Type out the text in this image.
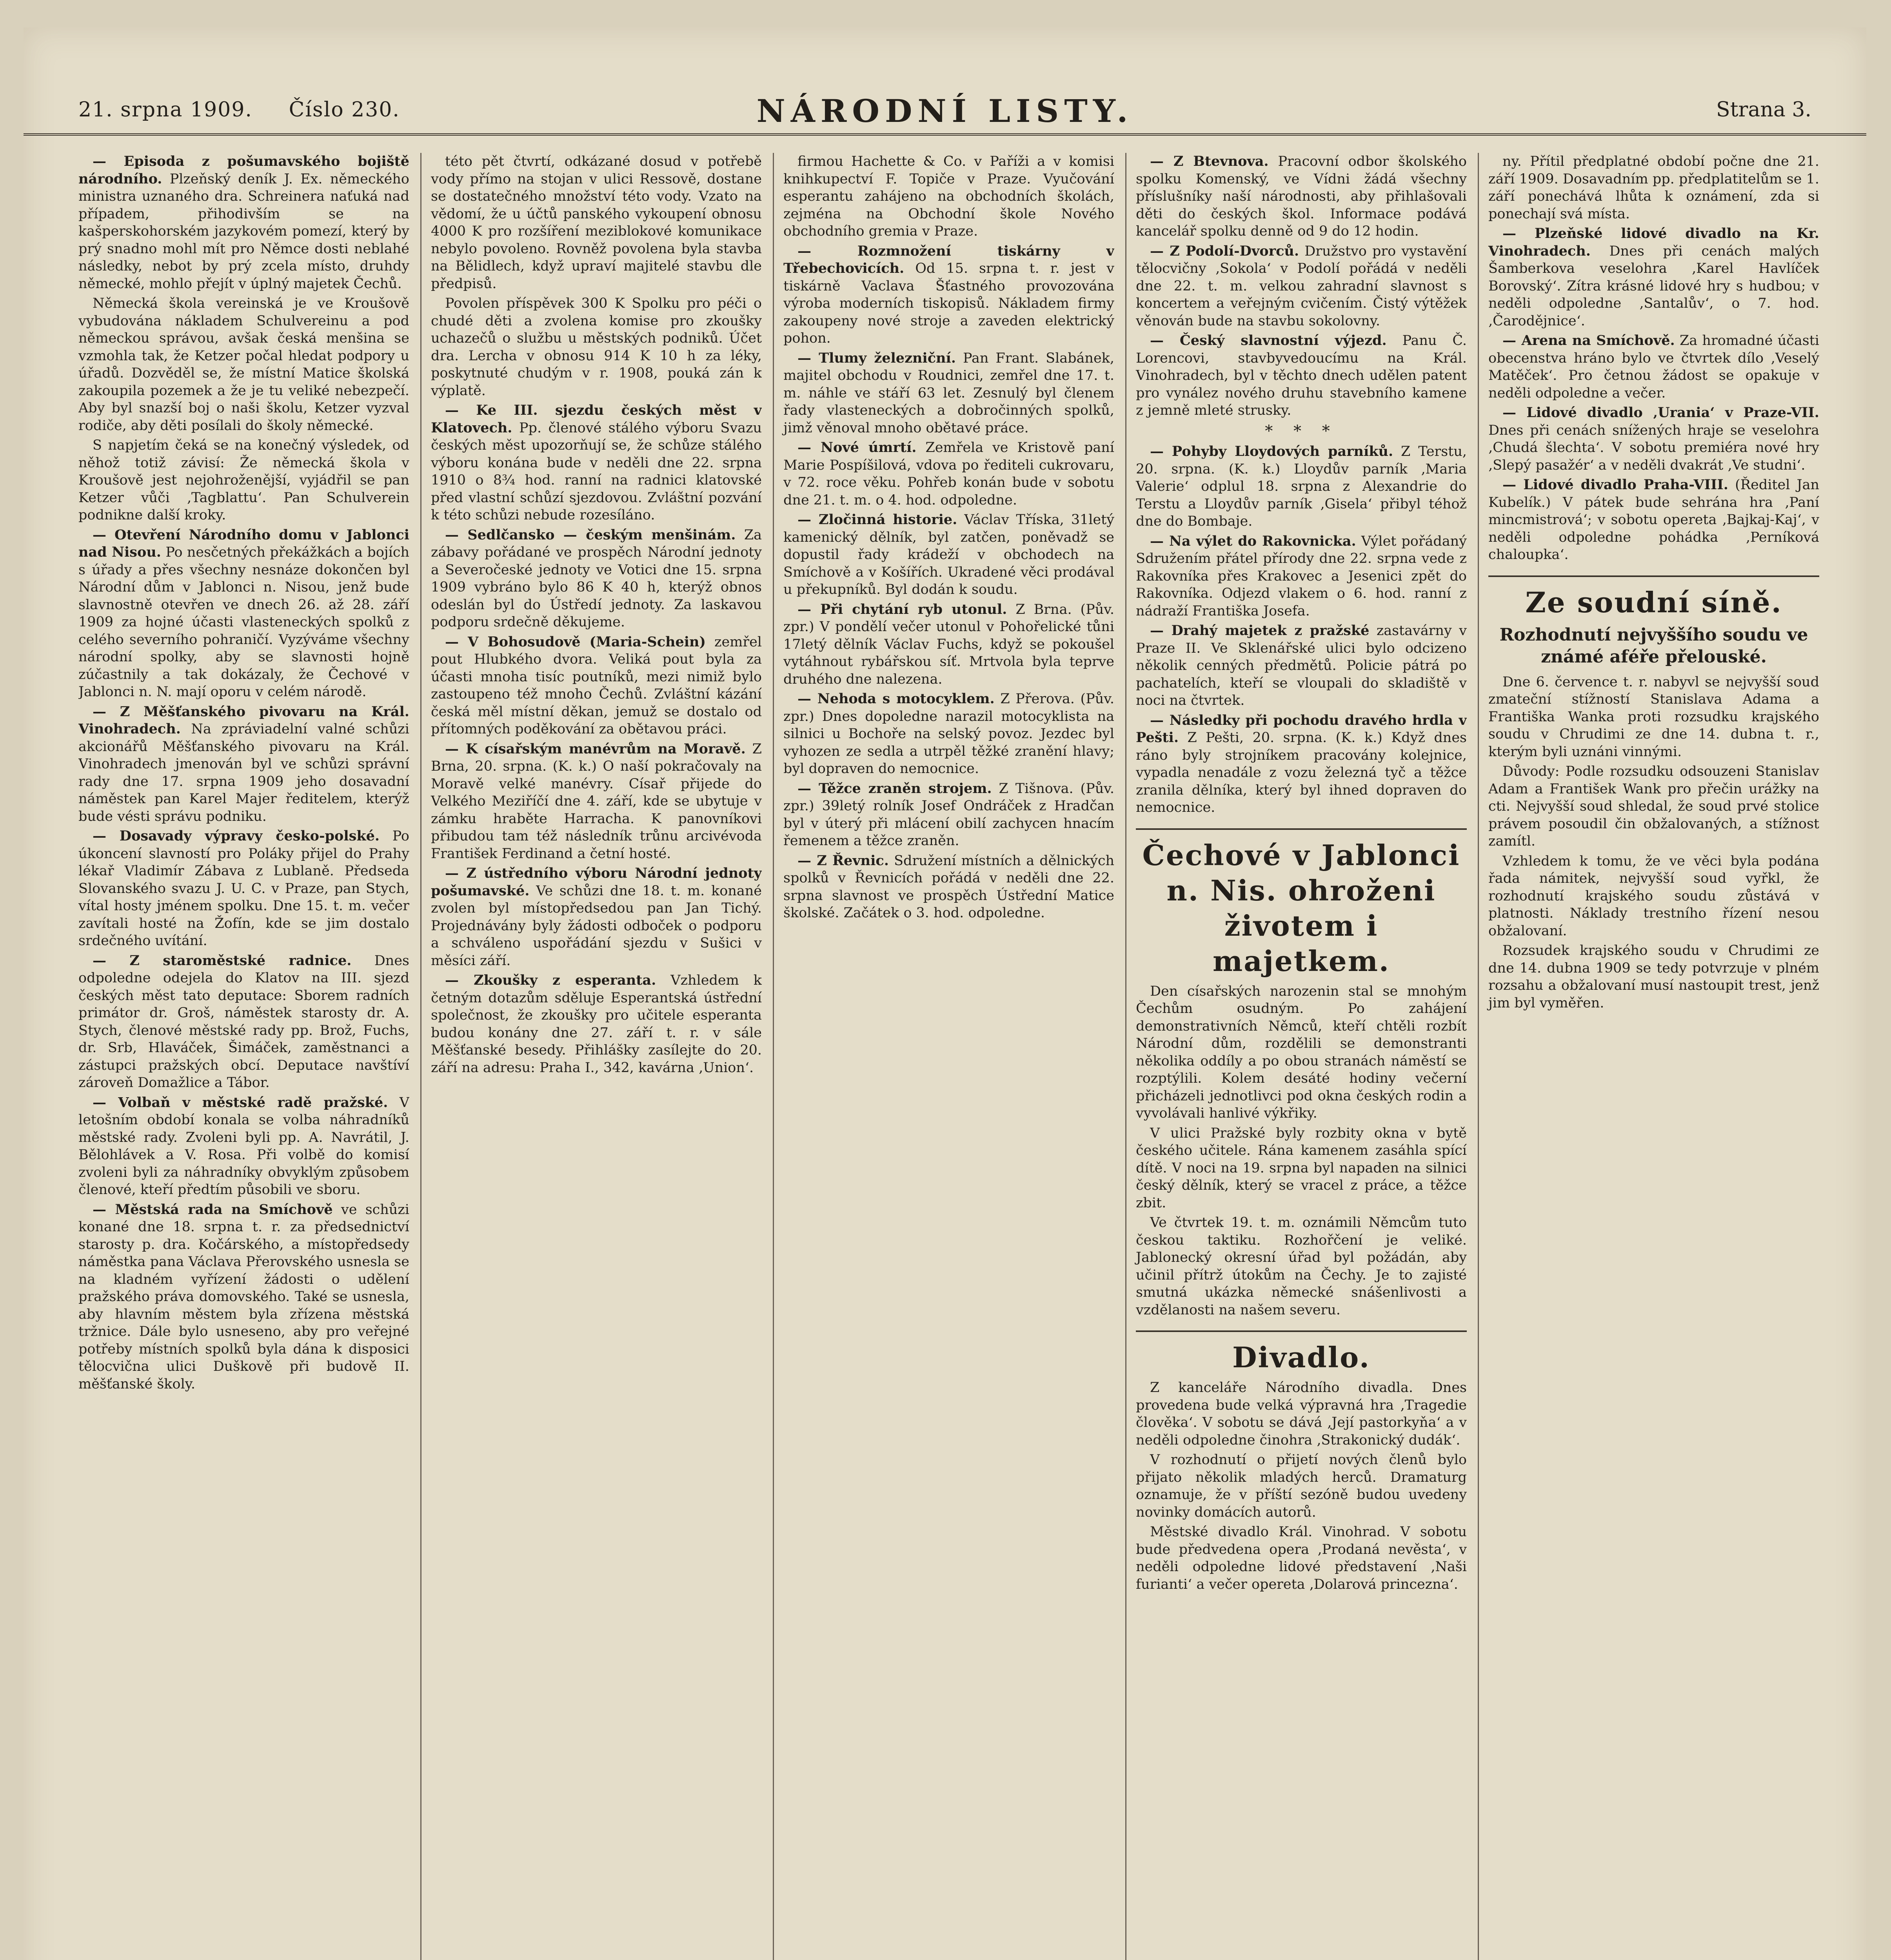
21. srpna 1909. Číslo 230.	NÁRODNÍ LISTY.	Strana 3.

— Episoda z pošumavského bojiště národního. Plzeňský deník J. Ex. německého ministra uznaného dra. Schreinera naťuká nad případem, přihodivším se na kašperskohorském jazykovém pomezí, který by prý snadno mohl mít pro Němce dosti neblahé následky, nebot by prý zcela místo, druhdy německé, mohlo přejít v úplný majetek Čechů.

Německá škola vereinská je ve Kroušově vybudována nákladem Schulvereinu a pod německou správou, avšak česká menšina se vzmohla tak, že Ketzer počal hledat podpory u úřadů. Dozvěděl se, že místní Matice školská zakoupila pozemek a že je tu veliké nebezpečí. Aby byl snazší boj o naši školu, Ketzer vyzval rodiče, aby děti posílali do školy německé.

S napjetím čeká se na konečný výsledek, od něhož totiž závisí: Že německá škola v Kroušově jest nejohroženější, vyjádřil se pan Ketzer vůči ‚Tagblattu‘. Pan Schulverein podnikne další kroky.

— Otevření Národního domu v Jablonci nad Nisou. Po nesčetných překážkách a bojích s úřady a přes všechny nesnáze dokončen byl Národní dům v Jablonci n. Nisou, jenž bude slavnostně otevřen ve dnech 26. až 28. září 1909 za hojné účasti vlasteneckých spolků z celého severního pohraničí. Vyzýváme všechny národní spolky, aby se slavnosti hojně zúčastnily a tak dokázaly, že Čechové v Jablonci n. N. mají oporu v celém národě.

— Z Měšťanského pivovaru na Král. Vinohradech. Na zpráviadelní valné schůzi akcionářů Měšťanského pivovaru na Král. Vinohradech jmenován byl ve schůzi správní rady dne 17. srpna 1909 jeho dosavadní náměstek pan Karel Majer ředitelem, kterýž bude vésti správu podniku.

— Dosavady výpravy česko-polské. Po úkoncení slavností pro Poláky přijel do Prahy lékař Vladimír Zábava z Lublaně. Předseda Slovanského svazu J. U. C. v Praze, pan Stych, vítal hosty jménem spolku. Dne 15. t. m. večer zavítali hosté na Žofín, kde se jim dostalo srdečného uvítání.

— Z staroměstské radnice. Dnes odpoledne odejela do Klatov na III. sjezd českých měst tato deputace: Sborem radních primátor dr. Groš, náměstek starosty dr. A. Stych, členové městské rady pp. Brož, Fuchs, dr. Srb, Hlaváček, Šimáček, zaměstnanci a zástupci pražských obcí. Deputace navštíví zároveň Domažlice a Tábor.

— Volbaň v městské radě pražské. V letošním období konala se volba náhradníků městské rady. Zvoleni byli pp. A. Navrátil, J. Bělohlávek a V. Rosa. Při volbě do komisí zvoleni byli za náhradníky obvyklým způsobem členové, kteří předtím působili ve sboru.

— Městská rada na Smíchově ve schůzi konané dne 18. srpna t. r. za předsednictví starosty p. dra. Kočárského, a místopředsedy náměstka pana Václava Přerovského usnesla se na kladném vyřízení žádosti o udělení pražského práva domovského. Také se usnesla, aby hlavním městem byla zřízena městská tržnice. Dále bylo usneseno, aby pro veřejné potřeby místních spolků byla dána k disposici tělocvična ulici Duškově při budově II. měšťanské školy.

této pět čtvrtí, odkázané dosud v potřebě vody přímo na stojan v ulici Ressově, dostane se dostatečného množství této vody. Vzato na vědomí, že u účtů panského vykoupení obnosu 4000 K pro rozšíření meziblokové komunikace nebylo povoleno. Rovněž povolena byla stavba na Bělidlech, když upraví majitelé stavbu dle předpisů.

Povolen příspěvek 300 K Spolku pro péči o chudé děti a zvolena komise pro zkoušky uchazečů o službu u městských podniků. Účet dra. Lercha v obnosu 914 K 10 h za léky, poskytnuté chudým v r. 1908, pouká zán k výplatě.

— Ke III. sjezdu českých měst v Klatovech. Pp. členové stálého výboru Svazu českých měst upozorňují se, že schůze stálého výboru konána bude v neděli dne 22. srpna 1910 o 8¾ hod. ranní na radnici klatovské před vlastní schůzí sjezdovou. Zvláštní pozvání k této schůzi nebude rozesíláno.

— Sedlčansko — českým menšinám. Za zábavy pořádané ve prospěch Národní jednoty a Severočeské jednoty ve Votici dne 15. srpna 1909 vybráno bylo 86 K 40 h, kterýž obnos odeslán byl do Ústředí jednoty. Za laskavou podporu srdečně děkujeme.

— V Bohosudově (Maria-Schein) zemřel pout Hlubkého dvora. Veliká pout byla za účasti mnoha tisíc poutníků, mezi nimiž bylo zastoupeno též mnoho Čechů. Zvláštní kázání česká měl místní děkan, jemuž se dostalo od přítomných poděkování za obětavou práci.

— K císařským manévrům na Moravě. Z Brna, 20. srpna. (K. k.) O naší pokračovaly na Moravě velké manévry. Císař přijede do Velkého Meziříčí dne 4. září, kde se ubytuje v zámku hraběte Harracha. K panovníkovi přibudou tam též následník trůnu arcivévoda František Ferdinand a četní hosté.

— Z ústředního výboru Národní jednoty pošumavské. Ve schůzi dne 18. t. m. konané zvolen byl místopředsedou pan Jan Tichý. Projednávány byly žádosti odboček o podporu a schváleno uspořádání sjezdu v Sušici v měsíci září.

— Zkoušky z esperanta. Vzhledem k četným dotazům sděluje Esperantská ústřední společnost, že zkoušky pro učitele esperanta budou konány dne 27. září t. r. v sále Měšťanské besedy. Přihlášky zasílejte do 20. září na adresu: Praha I., 342, kavárna ‚Union‘.

firmou Hachette & Co. v Paříži a v komisi knihkupectví F. Topiče v Praze. Vyučování esperantu zahájeno na obchodních školách, zejména na Obchodní škole Nového obchodního gremia v Praze.

— Rozmnožení tiskárny v Třebechovicích. Od 15. srpna t. r. jest v tiskárně Vaclava Šťastného provozována výroba moderních tiskopisů. Nákladem firmy zakoupeny nové stroje a zaveden elektrický pohon.

— Tlumy železniční. Pan Frant. Slabánek, majitel obchodu v Roudnici, zemřel dne 17. t. m. náhle ve stáří 63 let. Zesnulý byl členem řady vlasteneckých a dobročinných spolků, jimž věnoval mnoho obětavé práce.

— Nové úmrtí. Zemřela ve Kristově paní Marie Pospíšilová, vdova po řediteli cukrovaru, v 72. roce věku. Pohřeb konán bude v sobotu dne 21. t. m. o 4. hod. odpoledne.

— Zločinná historie. Václav Tříska, 31letý kamenický dělník, byl zatčen, poněvadž se dopustil řady krádeží v obchodech na Smíchově a v Košířích. Ukradené věci prodával u překupníků. Byl dodán k soudu.

— Při chytání ryb utonul. Z Brna. (Pův. zpr.) V pondělí večer utonul v Pohořelické tůni 17letý dělník Václav Fuchs, když se pokoušel vytáhnout rybářskou síť. Mrtvola byla teprve druhého dne nalezena.

— Nehoda s motocyklem. Z Přerova. (Pův. zpr.) Dnes dopoledne narazil motocyklista na silnici u Bochoře na selský povoz. Jezdec byl vyhozen ze sedla a utrpěl těžké zranění hlavy; byl dopraven do nemocnice.

— Těžce zraněn strojem. Z Tišnova. (Pův. zpr.) 39letý rolník Josef Ondráček z Hradčan byl v úterý při mlácení obilí zachycen hnacím řemenem a těžce zraněn.

— Z Řevnic. Sdružení místních a dělnických spolků v Řevnicích pořádá v neděli dne 22. srpna slavnost ve prospěch Ústřední Matice školské. Začátek o 3. hod. odpoledne.

— Z Btevnova. Pracovní odbor školského spolku Komenský, ve Vídni žádá všechny příslušníky naší národnosti, aby přihlašovali děti do českých škol. Informace podává kancelář spolku denně od 9 do 12 hodin.

— Z Podolí-Dvorců. Družstvo pro vystavění tělocvičny ‚Sokola‘ v Podolí pořádá v neděli dne 22. t. m. velkou zahradní slavnost s koncertem a veřejným cvičením. Čistý výtěžek věnován bude na stavbu sokolovny.

— Český slavnostní výjezd. Panu Č. Lorencovi, stavbyvedoucímu na Král. Vinohradech, byl v těchto dnech udělen patent pro vynález nového druhu stavebního kamene z jemně mleté strusky.

* * *

— Pohyby Lloydových parníků. Z Terstu, 20. srpna. (K. k.) Lloydův parník ‚Maria Valerie‘ odplul 18. srpna z Alexandrie do Terstu a Lloydův parník ‚Gisela‘ přibyl téhož dne do Bombaje.

— Na výlet do Rakovnicka. Výlet pořádaný Sdružením přátel přírody dne 22. srpna vede z Rakovníka přes Krakovec a Jesenici zpět do Rakovníka. Odjezd vlakem o 6. hod. ranní z nádraží Františka Josefa.

— Drahý majetek z pražské zastavárny v Praze II. Ve Sklenářské ulici bylo odcizeno několik cenných předmětů. Policie pátrá po pachatelích, kteří se vloupali do skladiště v noci na čtvrtek.

— Následky při pochodu dravého hrdla v Pešti. Z Pešti, 20. srpna. (K. k.) Když dnes ráno byly strojníkem pracovány kolejnice, vypadla nenadále z vozu železná tyč a těžce zranila dělníka, který byl ihned dopraven do nemocnice.

Čechové v Jablonci n. Nis. ohroženi životem i majetkem.

Den císařských narozenin stal se mnohým Čechům osudným. Po zahájení demonstrativních Němců, kteří chtěli rozbít Národní dům, rozdělili se demonstranti několika oddíly a po obou stranách náměstí se rozptýlili. Kolem desáté hodiny večerní přicházeli jednotlivci pod okna českých rodin a vyvolávali hanlivé výkřiky.

V ulici Pražské byly rozbity okna v bytě českého učitele. Rána kamenem zasáhla spící dítě. V noci na 19. srpna byl napaden na silnici český dělník, který se vracel z práce, a těžce zbit.

Ve čtvrtek 19. t. m. oznámili Němcům tuto českou taktiku. Rozhořčení je veliké. Jablonecký okresní úřad byl požádán, aby učinil přítrž útokům na Čechy. Je to zajisté smutná ukázka německé snášenlivosti a vzdělanosti na našem severu.

Divadlo.

Z kanceláře Národního divadla. Dnes provedena bude velká výpravná hra ‚Tragedie člověka‘. V sobotu se dává ‚Její pastorkyňa‘ a v neděli odpoledne činohra ‚Strakonický dudák‘.

V rozhodnutí o přijetí nových členů bylo přijato několik mladých herců. Dramaturg oznamuje, že v příští sezóně budou uvedeny novinky domácích autorů.

Městské divadlo Král. Vinohrad. V sobotu bude předvedena opera ‚Prodaná nevěsta‘, v neděli odpoledne lidové představení ‚Naši furianti‘ a večer opereta ‚Dolarová princezna‘.

ny. Přítil předplatné období počne dne 21. září 1909. Dosavadním pp. předplatitelům se 1. září ponechává lhůta k oznámení, zda si ponechají svá místa.

— Plzeňské lidové divadlo na Kr. Vinohradech. Dnes při cenách malých Šamberkova veselohra ‚Karel Havlíček Borovský‘. Zítra krásné lidové hry s hudbou; v neděli odpoledne ‚Santalův‘, o 7. hod. ‚Čarodějnice‘.

— Arena na Smíchově. Za hromadné účasti obecenstva hráno bylo ve čtvrtek dílo ‚Veselý Matěček‘. Pro četnou žádost se opakuje v neděli odpoledne a večer.

— Lidové divadlo ‚Urania‘ v Praze-VII. Dnes při cenách snížených hraje se veselohra ‚Chudá šlechta‘. V sobotu premiéra nové hry ‚Slepý pasažér‘ a v neděli dvakrát ‚Ve studni‘.

— Lidové divadlo Praha-VIII. (Ředitel Jan Kubelík.) V pátek bude sehrána hra ‚Paní mincmistrová‘; v sobotu opereta ‚Bajkaj-Kaj‘, v neděli odpoledne pohádka ‚Perníková chaloupka‘.

Ze soudní síně.
Rozhodnutí nejvyššího soudu ve známé aféře přelouské.

Dne 6. července t. r. nabyvl se nejvyšší soud zmateční stížností Stanislava Adama a Františka Wanka proti rozsudku krajského soudu v Chrudimi ze dne 14. dubna t. r., kterým byli uznáni vinnými.

Důvody: Podle rozsudku odsouzeni Stanislav Adam a František Wank pro přečin urážky na cti. Nejvyšší soud shledal, že soud prvé stolice právem posoudil čin obžalovaných, a stížnost zamítl.

Vzhledem k tomu, že ve věci byla podána řada námitek, nejvyšší soud vyřkl, že rozhodnutí krajského soudu zůstává v platnosti. Náklady trestního řízení nesou obžalovaní.

Rozsudek krajského soudu v Chrudimi ze dne 14. dubna 1909 se tedy potvrzuje v plném rozsahu a obžalovaní musí nastoupit trest, jenž jim byl vyměřen.
